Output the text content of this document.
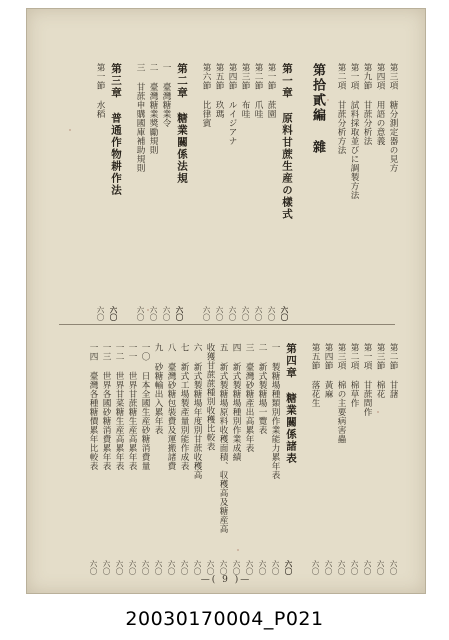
第三項 糖分測定器の見方
第四項 用語の意義
第九節 甘蔗分析法
第一項 試料採取並びに調製方法
第二項 甘蔗分析方法
第拾貳編 雜
第一章 原料甘蔗生産の樣式
六〇
第一節 蔗園
六〇
第二節 爪哇
六〇
第三節 布哇
六〇
第四節 ルイジアナ
六〇
第五節 玖瑪
六〇
第六節 比律賓
六〇
第二章 糖業關係法規
六〇
一 臺灣糖業令
六〇
二 臺灣糖業獎勵規則
六〇
三 甘蔗申購國庫補助規則
六〇
第三章 普通作物耕作法
六〇
第一節 水稻
六〇
第二節 甘藷
六〇
第三節 棉花
六〇
第一項 甘蔗間作
六〇
第二項 棉草作
六〇
第三項 棉の主要病害蟲
六〇
第四節 黃麻
六〇
第五節 落花生
六〇
第四章 糖業關係諸表
六〇
一 製糖場種類別作業能力累年表
六〇
二 新式製糖場一覽表
六〇
三 臺灣砂糖產出高累年表
六〇
四 新式製糖場種別作業成績
六〇
五 新式製糖場原料收穫面積、収穫高及糖産高
六〇
收獲甘蔗蔗種別收穫比較表
六〇
六 新式製糖場年度別甘蔗收穫高
六〇
七 新式工場製產量別能作成表
六〇
八 臺灣砂糖包裝費及運搬諸費
六〇
九 砂糖輸出入累年表
六〇
一〇 日本全國生産砂糖消費量
六〇
一一 世界甘蔗糖生産高累年表
六〇
一二 世界甘菜糖生産高累年表
六〇
一三 世界各國砂糖消費累年表
六〇
一四 臺灣各種糖價累年比較表
六〇
—( 9 )—
20030170004_P021
